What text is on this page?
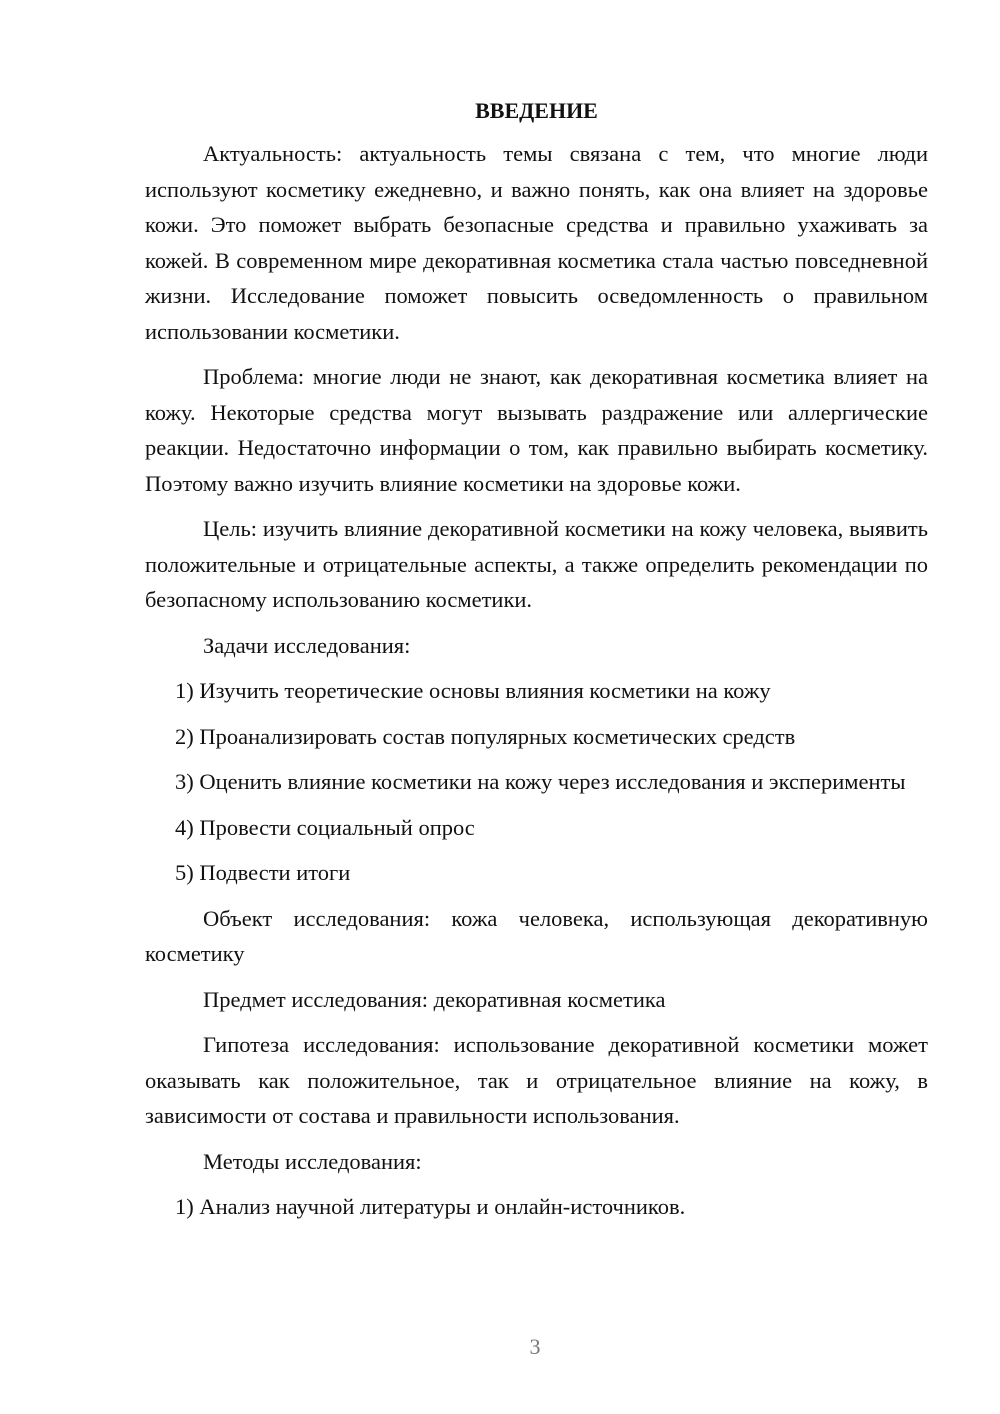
ВВЕДЕНИЕ

Актуальность: актуальность темы связана с тем, что многие люди используют косметику ежедневно, и важно понять, как она влияет на здоровье кожи. Это поможет выбрать безопасные средства и правильно ухаживать за кожей. В современном мире декоративная косметика стала частью повседневной жизни. Исследование поможет повысить осведомленность о правильном использовании косметики.

Проблема: многие люди не знают, как декоративная косметика влияет на кожу. Некоторые средства могут вызывать раздражение или аллергические реакции. Недостаточно информации о том, как правильно выбирать косметику. Поэтому важно изучить влияние косметики на здоровье кожи.

Цель: изучить влияние декоративной косметики на кожу человека, выявить положительные и отрицательные аспекты, а также определить рекомендации по безопасному использованию косметики.

Задачи исследования:

1) Изучить теоретические основы влияния косметики на кожу

2) Проанализировать состав популярных косметических средств

3) Оценить влияние косметики на кожу через исследования и эксперименты

4) Провести социальный опрос

5) Подвести итоги

Объект исследования: кожа человека, использующая декоративную косметику

Предмет исследования: декоративная косметика

Гипотеза исследования: использование декоративной косметики может оказывать как положительное, так и отрицательное влияние на кожу, в зависимости от состава и правильности использования.

Методы исследования:

1) Анализ научной литературы и онлайн-источников.

3
